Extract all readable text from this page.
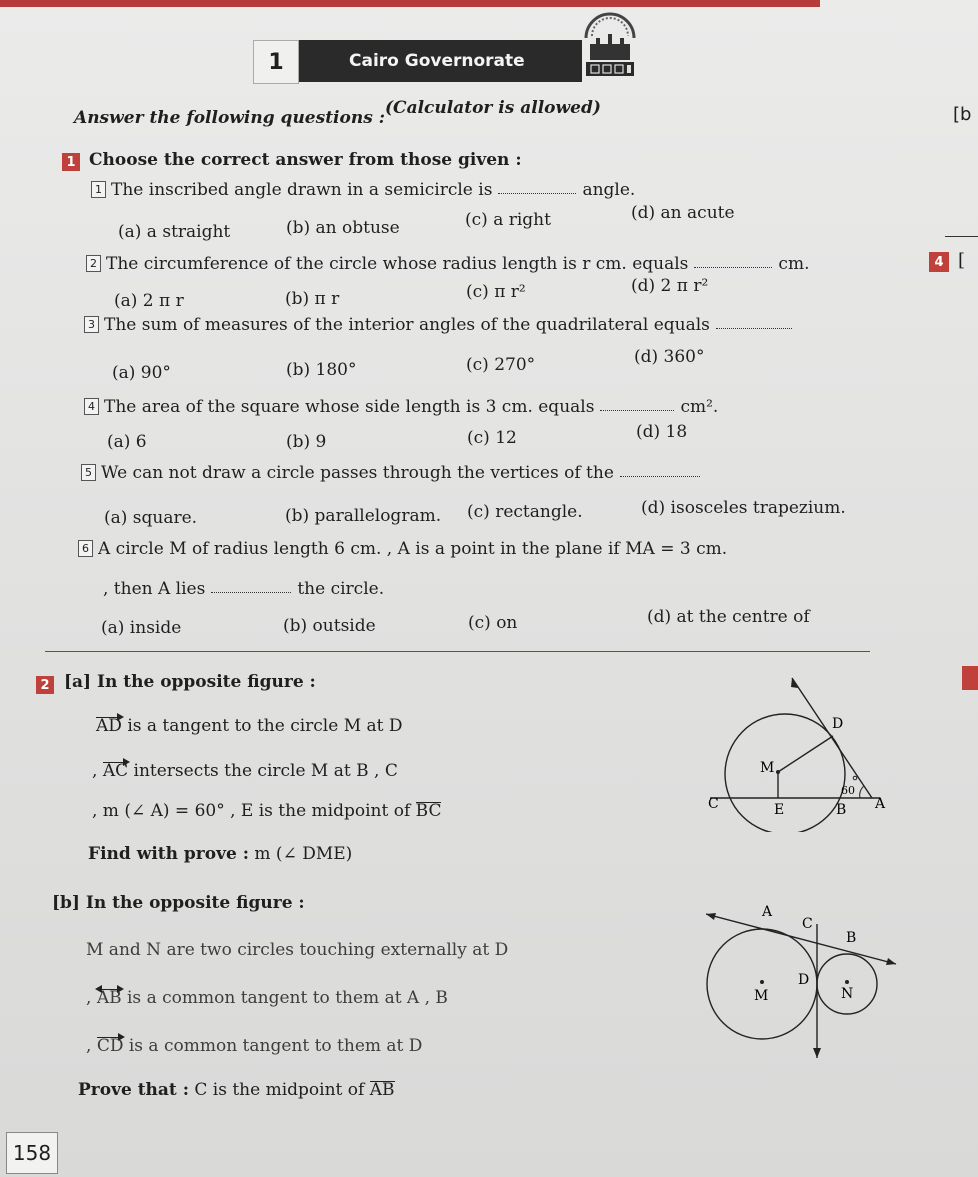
1	Cairo Governorate
Answer the following questions : (Calculator is allowed)	[b
4 [
1 Choose the correct answer from those given :
1 The inscribed angle drawn in a semicircle is	angle.
(a) a straight	(b) an obtuse	(c) a right	(d) an acute
2 The circumference of the circle whose radius length is r cm. equals	cm.
(a) 2 π r	(b) π r	(c) π r²	(d) 2 π r²
3 The sum of measures of the interior angles of the quadrilateral equals
(a) 90°	(b) 180°	(c) 270°	(d) 360°
4 The area of the square whose side length is 3 cm. equals	cm².
(a) 6	(b) 9	(c) 12	(d) 18
5 We can not draw a circle passes through the vertices of the
(a) square.	(b) parallelogram. (c) rectangle.	(d) isosceles trapezium.
6 A circle M of radius length 6 cm. , A is a point in the plane if MA = 3 cm.
, then A lies	the circle.
(a) inside	(b) outside	(c) on	(d) at the centre of
2 [a] In the opposite figure :
AD is a tangent to the circle M at D
, AC intersects the circle M at B , C
, m (∠ A) = 60° , E is the midpoint of BC
Find with prove : m (∠ DME)
D
M
60
C	E	B A
[b] In the opposite figure :
M and N are two circles touching externally at D
, AB is a common tangent to them at A , B
, CD is a common tangent to them at D
Prove that : C is the midpoint of AB
A
C
B
D
M	N
158
